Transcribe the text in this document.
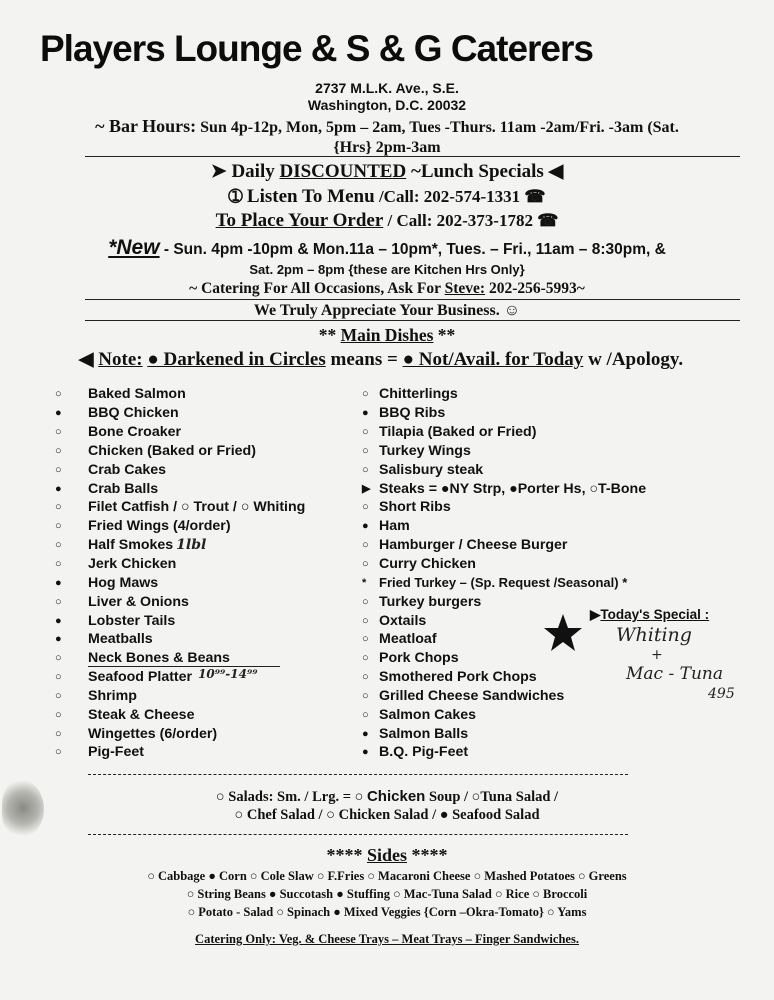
Players Lounge & S & G Caterers
2737 M.L.K. Ave., S.E.
Washington, D.C. 20032
~ Bar Hours: Sun 4p-12p, Mon, 5pm – 2am, Tues -Thurs. 11am -2am/Fri. -3am (Sat.
{Hrs} 2pm-3am
➤ Daily DISCOUNTED ~Lunch Specials ◀
➀ Listen To Menu /Call: 202-574-1331 ☎
To Place Your Order / Call: 202-373-1782 ☎
*New - Sun. 4pm -10pm & Mon.11a – 10pm*, Tues. – Fri., 11am – 8:30pm, &
Sat. 2pm – 8pm {these are Kitchen Hrs Only}
~ Catering For All Occasions, Ask For Steve: 202-256-5993~
We Truly Appreciate Your Business. ☺
** Main Dishes **
◀ Note: ● Darkened in Circles means = ● Not/Avail. for Today w /Apology.
○	Baked Salmon
●	BBQ Chicken
○	Bone Croaker
○	Chicken (Baked or Fried)
○	Crab Cakes
●	Crab Balls
○	Filet Catfish / ○ Trout / ○ Whiting
○	Fried Wings (4/order)
○	Half Smokes 1lbl
○	Jerk Chicken
●	Hog Maws
○	Liver & Onions
●	Lobster Tails
●	Meatballs
○	Neck Bones & Beans
○	Seafood Platter 10⁹⁹-14⁹⁹
○	Shrimp
○	Steak & Cheese
○	Wingettes (6/order)
○	Pig-Feet
○ Chitterlings
● BBQ Ribs
○ Tilapia (Baked or Fried)
○ Turkey Wings
○ Salisbury steak
▶ Steaks = ●NY Strp, ●Porter Hs, ○T-Bone
○ Short Ribs
● Ham
○ Hamburger / Cheese Burger
○ Curry Chicken
* Fried Turkey – (Sp. Request /Seasonal) *
○ Turkey burgers
○ Oxtails
○ Meatloaf
○ Pork Chops
○ Smothered Pork Chops
○ Grilled Cheese Sandwiches
○ Salmon Cakes
● Salmon Balls
● B.Q. Pig-Feet
▶Today's Special :
Whiting
+
Mac - Tuna
495
○ Salads: Sm. / Lrg. = ○ Chicken Soup / ○Tuna Salad /
○ Chef Salad / ○ Chicken Salad / ● Seafood Salad
**** Sides ****
○ Cabbage ● Corn ○ Cole Slaw ○ F.Fries ○ Macaroni Cheese ○ Mashed Potatoes ○ Greens
○ String Beans ● Succotash ● Stuffing ○ Mac-Tuna Salad ○ Rice ○ Broccoli
○ Potato - Salad ○ Spinach ● Mixed Veggies {Corn –Okra-Tomato} ○ Yams
Catering Only: Veg. & Cheese Trays – Meat Trays – Finger Sandwiches.
